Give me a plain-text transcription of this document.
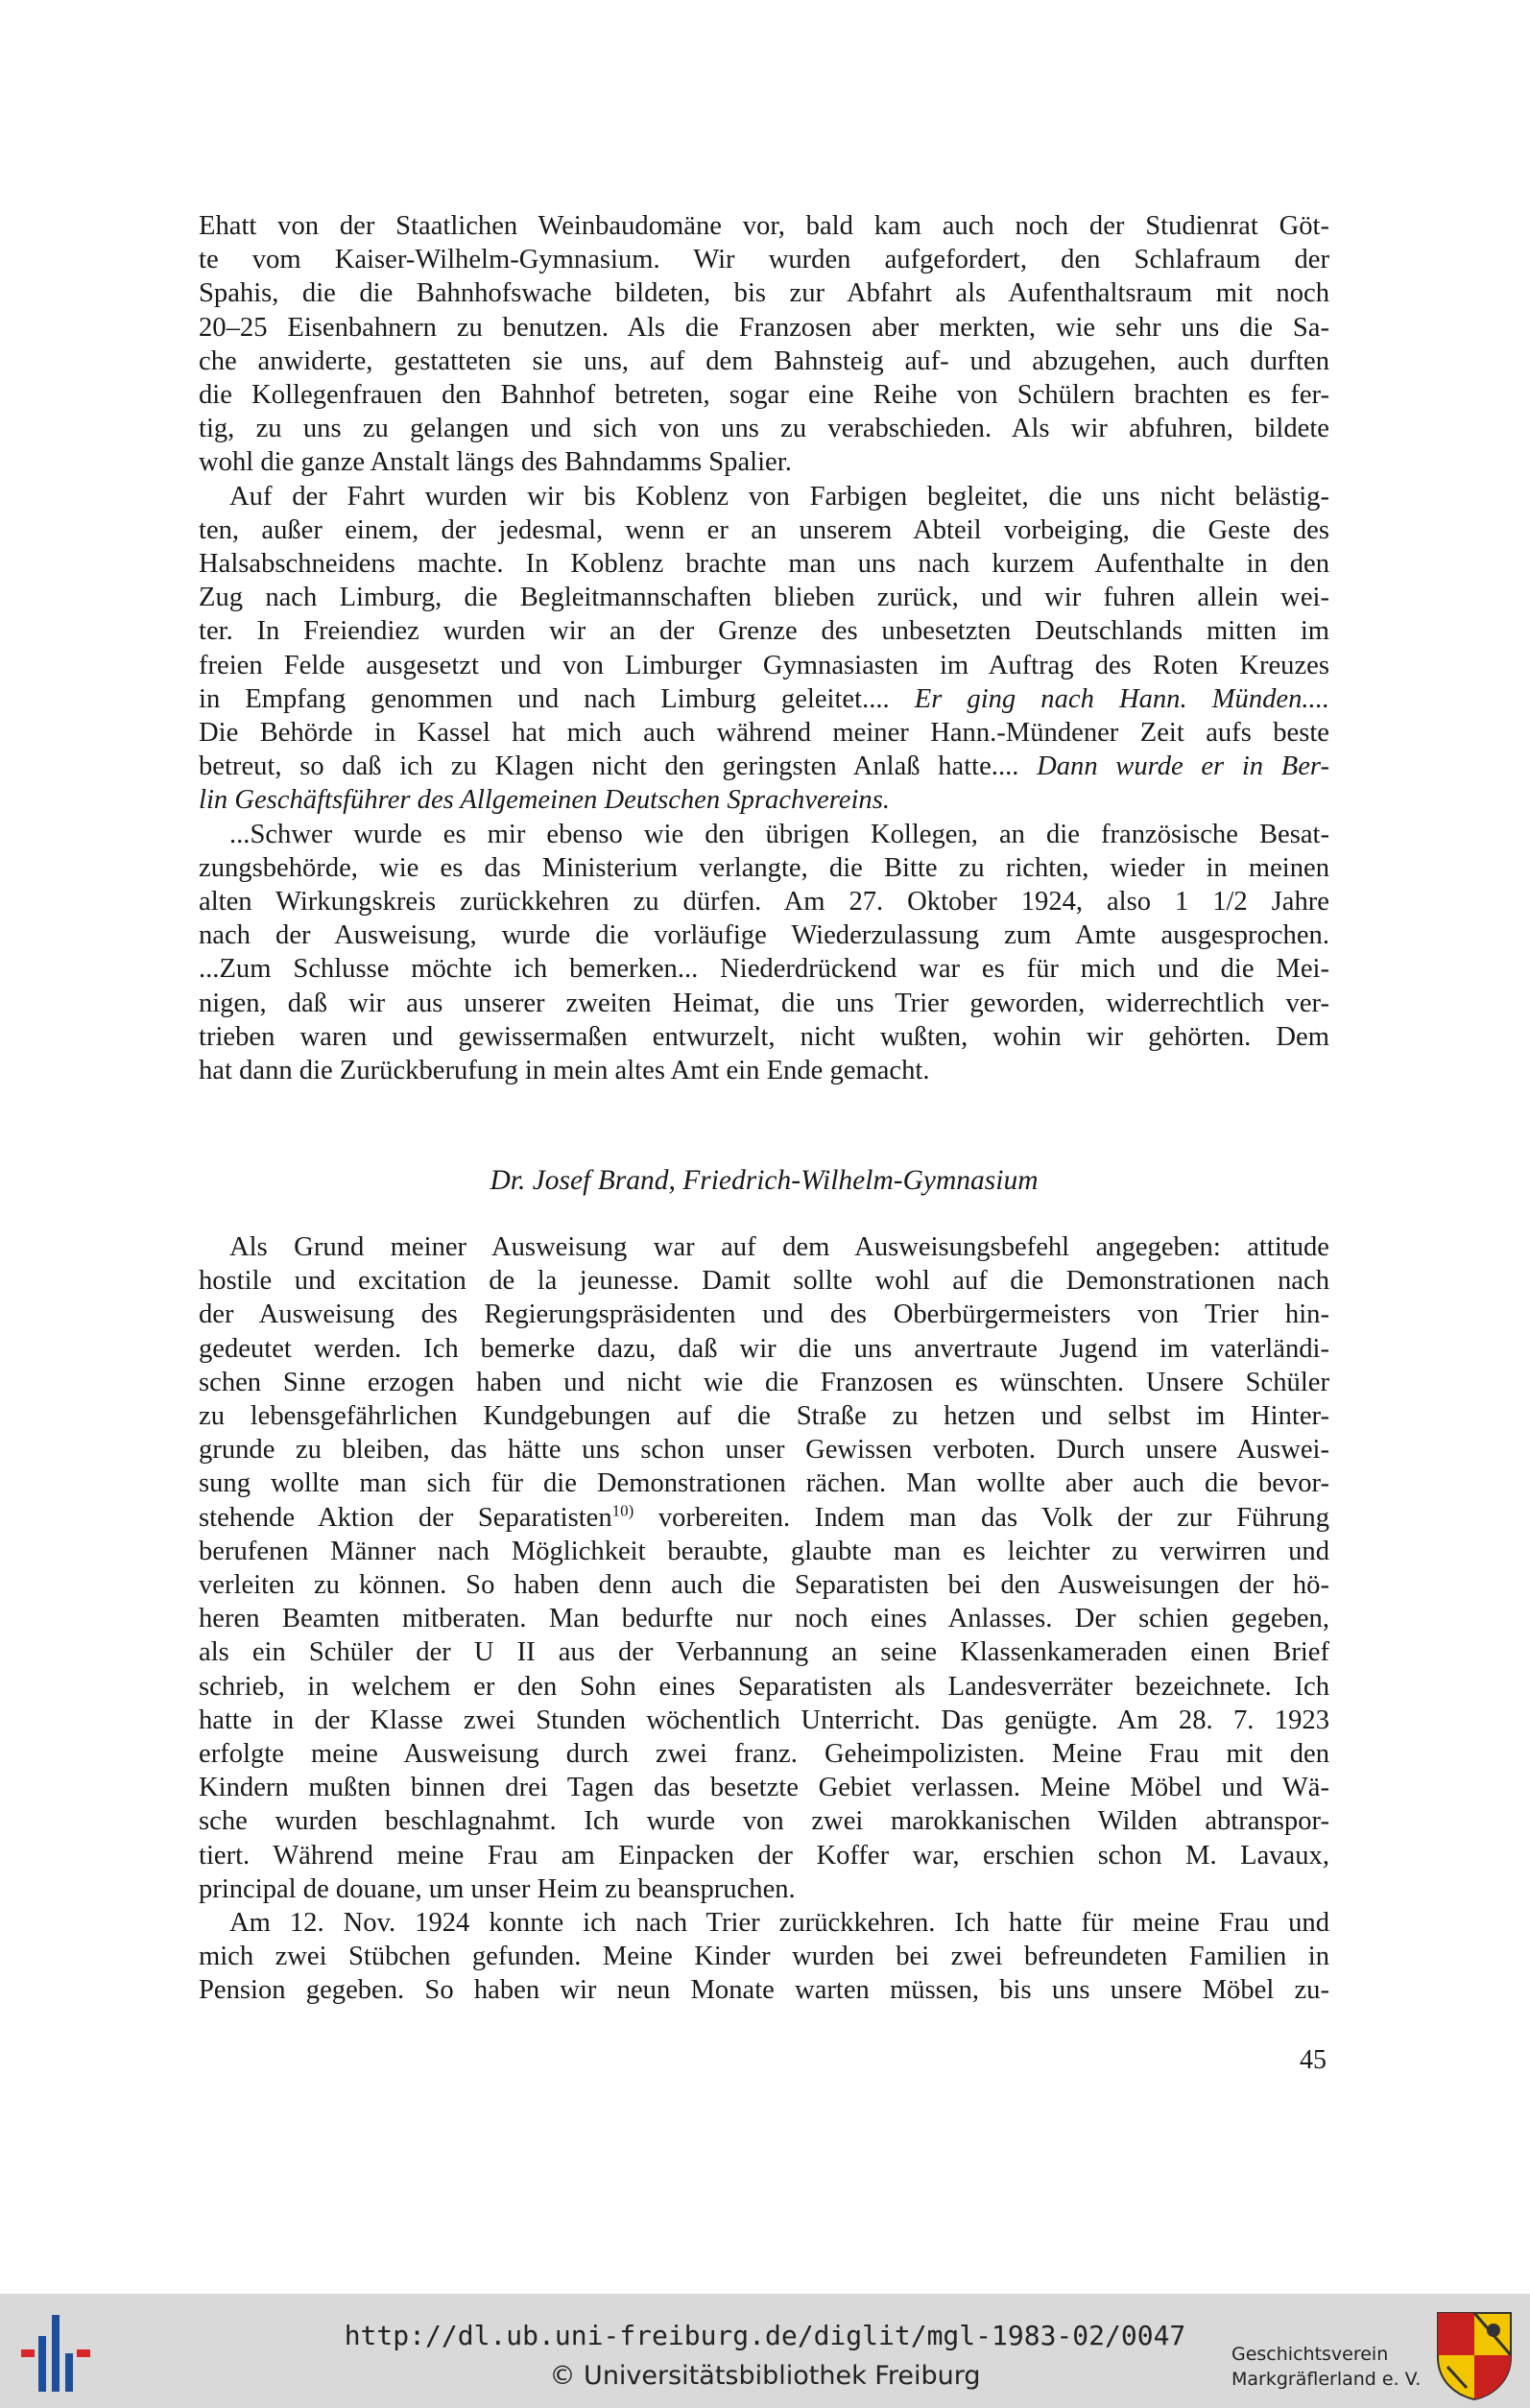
Ehatt von der Staatlichen Weinbaudomäne vor, bald kam auch noch der Studienrat Göt-

te vom Kaiser-Wilhelm-Gymnasium. Wir wurden aufgefordert, den Schlafraum der

Spahis, die die Bahnhofswache bildeten, bis zur Abfahrt als Aufenthaltsraum mit noch

20–25 Eisenbahnern zu benutzen. Als die Franzosen aber merkten, wie sehr uns die Sa-

che anwiderte, gestatteten sie uns, auf dem Bahnsteig auf- und abzugehen, auch durften

die Kollegenfrauen den Bahnhof betreten, sogar eine Reihe von Schülern brachten es fer-

tig, zu uns zu gelangen und sich von uns zu verabschieden. Als wir abfuhren, bildete

wohl die ganze Anstalt längs des Bahndamms Spalier.

Auf der Fahrt wurden wir bis Koblenz von Farbigen begleitet, die uns nicht belästig-

ten, außer einem, der jedesmal, wenn er an unserem Abteil vorbeiging, die Geste des

Halsabschneidens machte. In Koblenz brachte man uns nach kurzem Aufenthalte in den

Zug nach Limburg, die Begleitmannschaften blieben zurück, und wir fuhren allein wei-

ter. In Freiendiez wurden wir an der Grenze des unbesetzten Deutschlands mitten im

freien Felde ausgesetzt und von Limburger Gymnasiasten im Auftrag des Roten Kreuzes

in Empfang genommen und nach Limburg geleitet.... Er ging nach Hann. Münden....

Die Behörde in Kassel hat mich auch während meiner Hann.-Mündener Zeit aufs beste

betreut, so daß ich zu Klagen nicht den geringsten Anlaß hatte.... Dann wurde er in Ber-

lin Geschäftsführer des Allgemeinen Deutschen Sprachvereins.

...Schwer wurde es mir ebenso wie den übrigen Kollegen, an die französische Besat-

zungsbehörde, wie es das Ministerium verlangte, die Bitte zu richten, wieder in meinen

alten Wirkungskreis zurückkehren zu dürfen. Am 27. Oktober 1924, also 1 1/2 Jahre

nach der Ausweisung, wurde die vorläufige Wiederzulassung zum Amte ausgesprochen.

...Zum Schlusse möchte ich bemerken... Niederdrückend war es für mich und die Mei-

nigen, daß wir aus unserer zweiten Heimat, die uns Trier geworden, widerrechtlich ver-

trieben waren und gewissermaßen entwurzelt, nicht wußten, wohin wir gehörten. Dem

hat dann die Zurückberufung in mein altes Amt ein Ende gemacht.

Dr. Josef Brand, Friedrich-Wilhelm-Gymnasium

Als Grund meiner Ausweisung war auf dem Ausweisungsbefehl angegeben: attitude

hostile und excitation de la jeunesse. Damit sollte wohl auf die Demonstrationen nach

der Ausweisung des Regierungspräsidenten und des Oberbürgermeisters von Trier hin-

gedeutet werden. Ich bemerke dazu, daß wir die uns anvertraute Jugend im vaterländi-

schen Sinne erzogen haben und nicht wie die Franzosen es wünschten. Unsere Schüler

zu lebensgefährlichen Kundgebungen auf die Straße zu hetzen und selbst im Hinter-

grunde zu bleiben, das hätte uns schon unser Gewissen verboten. Durch unsere Auswei-

sung wollte man sich für die Demonstrationen rächen. Man wollte aber auch die bevor-

stehende Aktion der Separatisten$^{10)}$ vorbereiten. Indem man das Volk der zur Führung

berufenen Männer nach Möglichkeit beraubte, glaubte man es leichter zu verwirren und

verleiten zu können. So haben denn auch die Separatisten bei den Ausweisungen der hö-

heren Beamten mitberaten. Man bedurfte nur noch eines Anlasses. Der schien gegeben,

als ein Schüler der U II aus der Verbannung an seine Klassenkameraden einen Brief

schrieb, in welchem er den Sohn eines Separatisten als Landesverräter bezeichnete. Ich

hatte in der Klasse zwei Stunden wöchentlich Unterricht. Das genügte. Am 28. 7. 1923

erfolgte meine Ausweisung durch zwei franz. Geheimpolizisten. Meine Frau mit den

Kindern mußten binnen drei Tagen das besetzte Gebiet verlassen. Meine Möbel und Wä-

sche wurden beschlagnahmt. Ich wurde von zwei marokkanischen Wilden abtranspor-

tiert. Während meine Frau am Einpacken der Koffer war, erschien schon M. Lavaux,

principal de douane, um unser Heim zu beanspruchen.

Am 12. Nov. 1924 konnte ich nach Trier zurückkehren. Ich hatte für meine Frau und

mich zwei Stübchen gefunden. Meine Kinder wurden bei zwei befreundeten Familien in

Pension gegeben. So haben wir neun Monate warten müssen, bis uns unsere Möbel zu-

45
http://dl.ub.uni-freiburg.de/diglit/mgl-1983-02/0047
© Universitätsbibliothek Freiburg
Geschichtsverein
Markgräflerland e. V.
